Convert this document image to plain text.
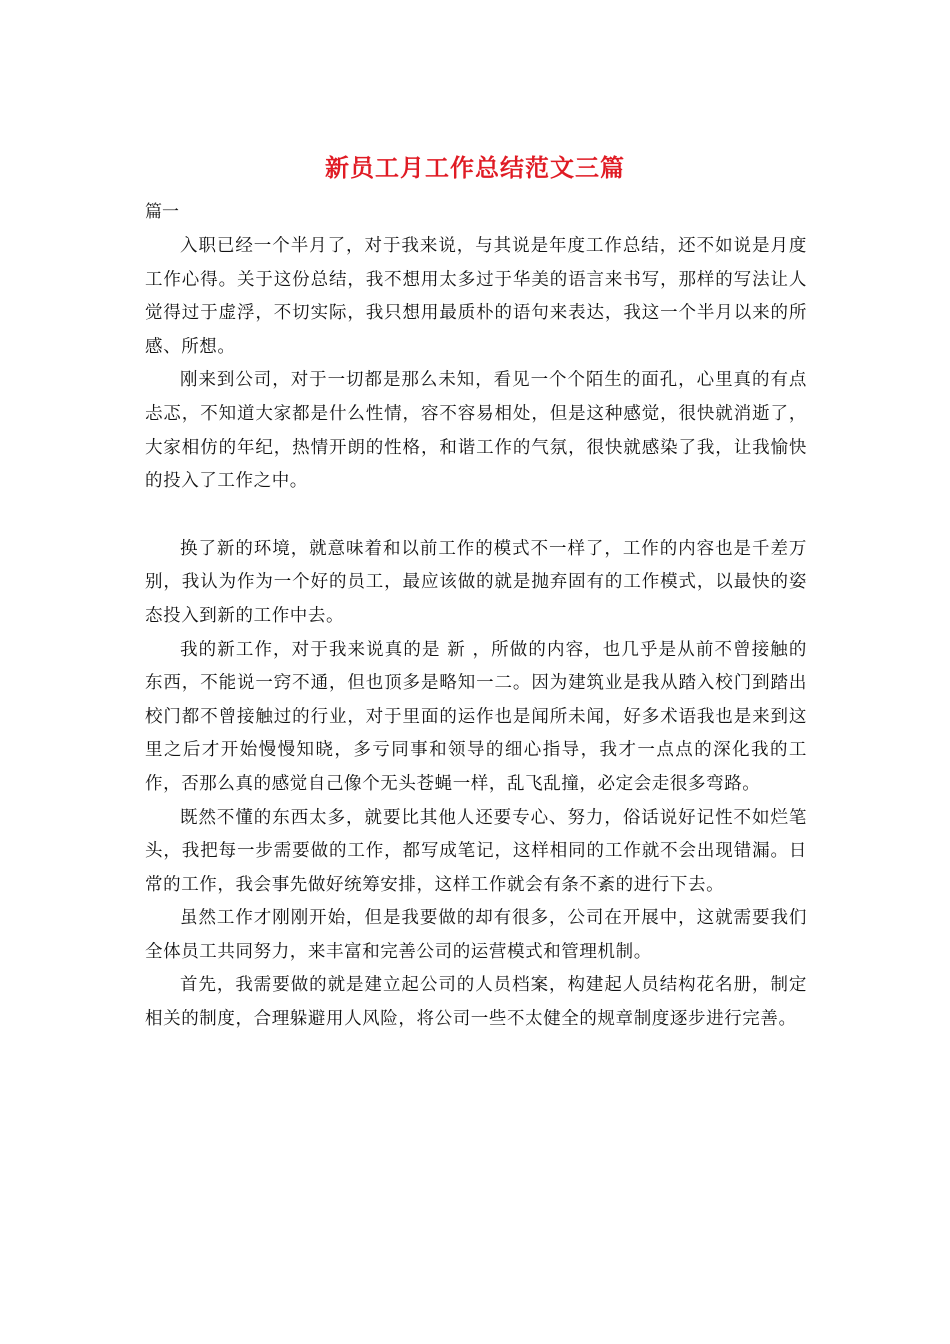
新员工月工作总结范文三篇
篇一

入职已经一个半月了，对于我来说，与其说是年度工作总结，还不如说是月度工作心得。关于这份总结，我不想用太多过于华美的语言来书写，那样的写法让人觉得过于虚浮，不切实际，我只想用最质朴的语句来表达，我这一个半月以来的所感、所想。

刚来到公司，对于一切都是那么未知，看见一个个陌生的面孔，心里真的有点忐忑，不知道大家都是什么性情，容不容易相处，但是这种感觉，很快就消逝了，大家相仿的年纪，热情开朗的性格，和谐工作的气氛，很快就感染了我，让我愉快的投入了工作之中。

换了新的环境，就意味着和以前工作的模式不一样了，工作的内容也是千差万别，我认为作为一个好的员工，最应该做的就是抛弃固有的工作模式，以最快的姿态投入到新的工作中去。

我的新工作，对于我来说真的是 新 ，所做的内容，也几乎是从前不曾接触的东西，不能说一窍不通，但也顶多是略知一二。因为建筑业是我从踏入校门到踏出校门都不曾接触过的行业，对于里面的运作也是闻所未闻，好多术语我也是来到这里之后才开始慢慢知晓，多亏同事和领导的细心指导，我才一点点的深化我的工作，否那么真的感觉自己像个无头苍蝇一样，乱飞乱撞，必定会走很多弯路。

既然不懂的东西太多，就要比其他人还要专心、努力，俗话说好记性不如烂笔头，我把每一步需要做的工作，都写成笔记，这样相同的工作就不会出现错漏。日常的工作，我会事先做好统筹安排，这样工作就会有条不紊的进行下去。

虽然工作才刚刚开始，但是我要做的却有很多，公司在开展中，这就需要我们全体员工共同努力，来丰富和完善公司的运营模式和管理机制。

首先，我需要做的就是建立起公司的人员档案，构建起人员结构花名册，制定相关的制度，合理躲避用人风险，将公司一些不太健全的规章制度逐步进行完善。
